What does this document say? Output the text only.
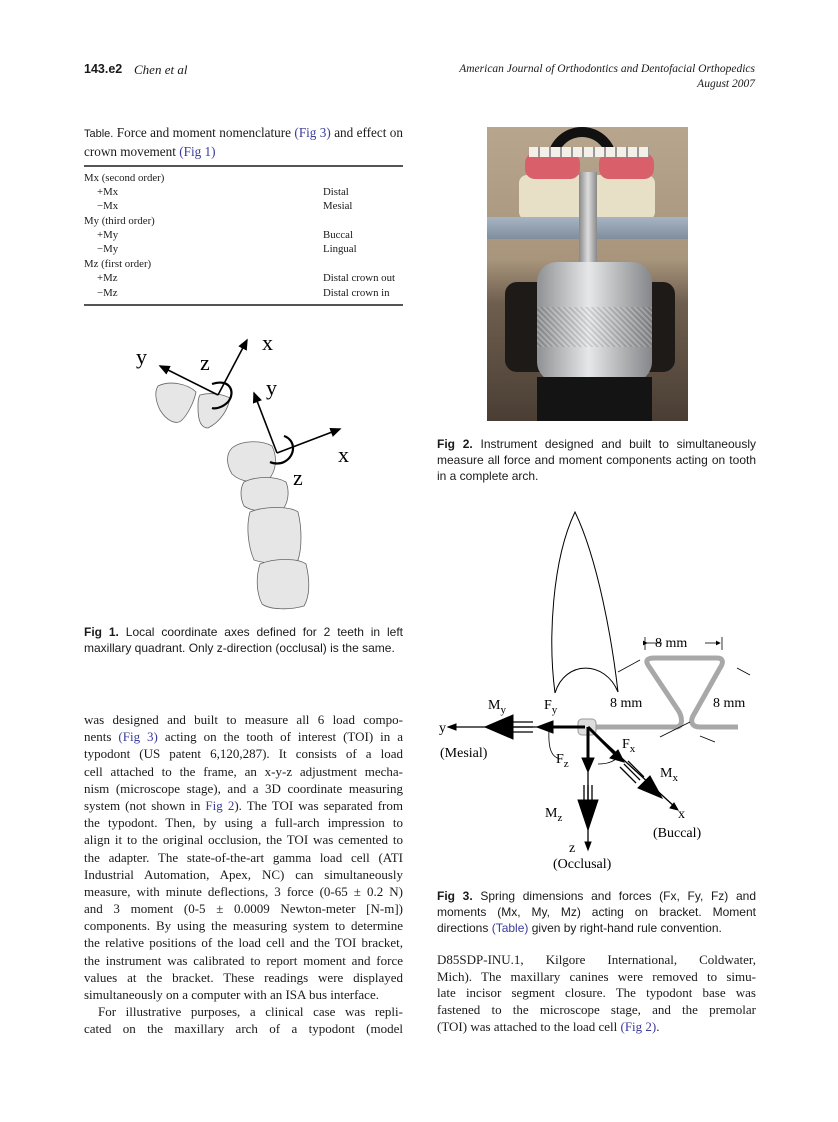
143.e2 Chen et al	American Journal of Orthodontics and Dentofacial Orthopedics
August 2007
Table. Force and moment nomenclature (Fig 3) and effect on crown movement (Fig 1)
Mx (second order)
+Mx	Distal
−Mx	Mesial
My (third order)
+My	Buccal
−My	Lingual
Mz (first order)
+Mz	Distal crown out
−Mz	Distal crown in
x
y z
y
x
z
Fig 1. Local coordinate axes defined for 2 teeth in left maxillary quadrant. Only z-direction (occlusal) is the same.
Fig 2. Instrument designed and built to simultaneously measure all force and moment components acting on tooth in a complete arch.
8 mm
8 mm	8 mm
$M_y$	$F_y$
$F_z$
$F_x$
$M_x$
$M_z$
y
(Mesial)
x
(Buccal)
z
(Occlusal)
Fig 3. Spring dimensions and forces (Fx, Fy, Fz) and moments (Mx, My, Mz) acting on bracket. Moment directions (Table) given by right-hand rule convention.
was designed and built to measure all 6 load compo-
nents (Fig 3) acting on the tooth of interest (TOI) in a
typodont (US patent 6,120,287). It consists of a load
cell attached to the frame, an x-y-z adjustment mecha-
nism (microscope stage), and a 3D coordinate measuring
system (not shown in Fig 2). The TOI was separated from
the typodont. Then, by using a full-arch impression to
align it to the original occlusion, the TOI was cemented to
the adapter. The state-of-the-art gamma load cell (ATI
Industrial Automation, Apex, NC) can simultaneously
measure, with minute deflections, 3 force (0-65 ± 0.2 N)
and 3 moment (0-5 ± 0.0009 Newton-meter [N-m])
components. By using the measuring system to determine
the relative positions of the load cell and the TOI bracket,
the instrument was calibrated to report moment and force
values at the bracket. These readings were displayed
simultaneously on a computer with an ISA bus interface.
For illustrative purposes, a clinical case was repli-
cated on the maxillary arch of a typodont (model
D85SDP-INU.1, Kilgore International, Coldwater,
Mich). The maxillary canines were removed to simu-
late incisor segment closure. The typodont base was
fastened to the microscope stage, and the premolar
(TOI) was attached to the load cell (Fig 2).
